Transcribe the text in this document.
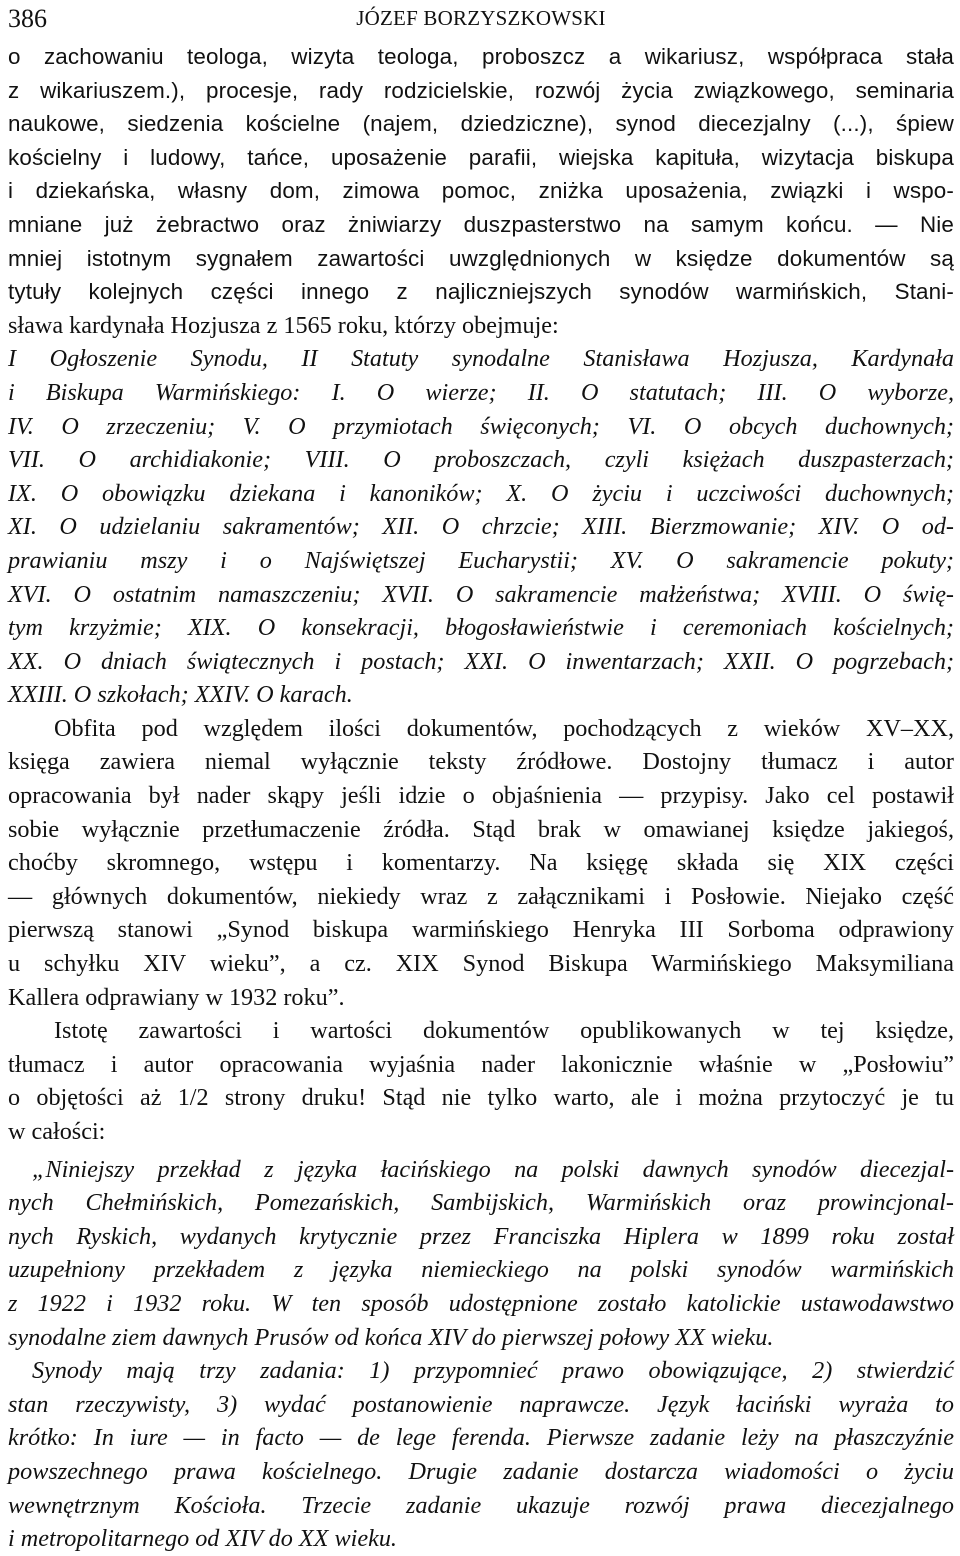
386	JÓZEF BORZYSZKOWSKI
o zachowaniu teologa, wizyta teologa, proboszcz a wikariusz, współpraca stała
z wikariuszem.), procesje, rady rodzicielskie, rozwój życia związkowego, seminaria
naukowe, siedzenia kościelne (najem, dziedziczne), synod diecezjalny (...), śpiew
kościelny i ludowy, tańce, uposażenie parafii, wiejska kapituła, wizytacja biskupa
i dziekańska, własny dom, zimowa pomoc, zniżka uposażenia, związki i wspo-
mniane już żebractwo oraz żniwiarzy duszpasterstwo na samym końcu. — Nie
mniej istotnym sygnałem zawartości uwzględnionych w księdze dokumentów są
tytuły kolejnych części innego z najliczniejszych synodów warmińskich, Stani-
sława kardynała Hozjusza z 1565 roku, którzy obejmuje:
I Ogłoszenie Synodu, II Statuty synodalne Stanisława Hozjusza, Kardynała
i Biskupa Warmińskiego: I. O wierze; II. O statutach; III. O wyborze,
IV. O zrzeczeniu; V. O przymiotach święconych; VI. O obcych duchownych;
VII. O archidiakonie; VIII. O proboszczach, czyli księżach duszpasterzach;
IX. O obowiązku dziekana i kanoników; X. O życiu i uczciwości duchownych;
XI. O udzielaniu sakramentów; XII. O chrzcie; XIII. Bierzmowanie; XIV. O od-
prawianiu mszy i o Najświętszej Eucharystii; XV. O sakramencie pokuty;
XVI. O ostatnim namaszczeniu; XVII. O sakramencie małżeństwa; XVIII. O świę-
tym krzyżmie; XIX. O konsekracji, błogosławieństwie i ceremoniach kościelnych;
XX. O dniach świątecznych i postach; XXI. O inwentarzach; XXII. O pogrzebach;
XXIII. O szkołach; XXIV. O karach.
Obfita pod względem ilości dokumentów, pochodzących z wieków XV–XX,
księga zawiera niemal wyłącznie teksty źródłowe. Dostojny tłumacz i autor
opracowania był nader skąpy jeśli idzie o objaśnienia — przypisy. Jako cel postawił
sobie wyłącznie przetłumaczenie źródła. Stąd brak w omawianej księdze jakiegoś,
choćby skromnego, wstępu i komentarzy. Na księgę składa się XIX części
— głównych dokumentów, niekiedy wraz z załącznikami i Posłowie. Niejako część
pierwszą stanowi „Synod biskupa warmińskiego Henryka III Sorboma odprawiony
u schyłku XIV wieku”, a cz. XIX Synod Biskupa Warmińskiego Maksymiliana
Kallera odprawiany w 1932 roku”.
Istotę zawartości i wartości dokumentów opublikowanych w tej księdze,
tłumacz i autor opracowania wyjaśnia nader lakonicznie właśnie w „Posłowiu”
o objętości aż 1/2 strony druku! Stąd nie tylko warto, ale i można przytoczyć je tu
w całości:
„Niniejszy przekład z języka łacińskiego na polski dawnych synodów diecezjal-
nych Chełmińskich, Pomezańskich, Sambijskich, Warmińskich oraz prowincjonal-
nych Ryskich, wydanych krytycznie przez Franciszka Hiplera w 1899 roku został
uzupełniony przekładem z języka niemieckiego na polski synodów warmińskich
z 1922 i 1932 roku. W ten sposób udostępnione zostało katolickie ustawodawstwo
synodalne ziem dawnych Prusów od końca XIV do pierwszej połowy XX wieku.
Synody mają trzy zadania: 1) przypomnieć prawo obowiązujące, 2) stwierdzić
stan rzeczywisty, 3) wydać postanowienie naprawcze. Język łaciński wyraża to
krótko: In iure — in facto — de lege ferenda. Pierwsze zadanie leży na płaszczyźnie
powszechnego prawa kościelnego. Drugie zadanie dostarcza wiadomości o życiu
wewnętrznym Kościoła. Trzecie zadanie ukazuje rozwój prawa diecezjalnego
i metropolitarnego od XIV do XX wieku.
